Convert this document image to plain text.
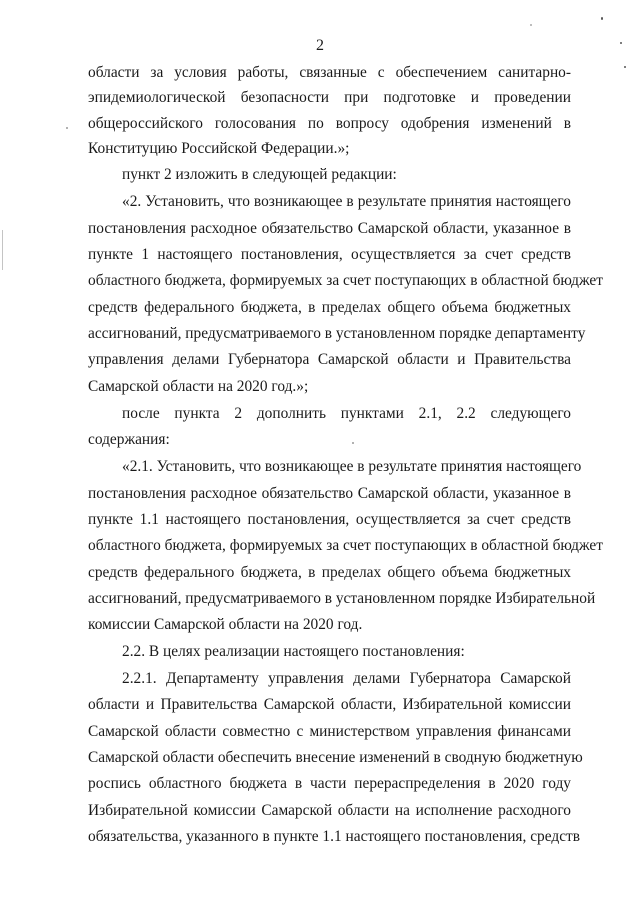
2
области за условия работы, связанные с обеспечением санитарно-
эпидемиологической безопасности при подготовке и проведении
общероссийского голосования по вопросу одобрения изменений в
Конституцию Российской Федерации.»;
пункт 2 изложить в следующей редакции:
«2. Установить, что возникающее в результате принятия настоящего
постановления расходное обязательство Самарской области, указанное в
пункте 1 настоящего постановления, осуществляется за счет средств
областного бюджета, формируемых за счет поступающих в областной бюджет
средств федерального бюджета, в пределах общего объема бюджетных
ассигнований, предусматриваемого в установленном порядке департаменту
управления делами Губернатора Самарской области и Правительства
Самарской области на 2020 год.»;
после пункта 2 дополнить пунктами 2.1, 2.2 следующего
содержания:
«2.1. Установить, что возникающее в результате принятия настоящего
постановления расходное обязательство Самарской области, указанное в
пункте 1.1 настоящего постановления, осуществляется за счет средств
областного бюджета, формируемых за счет поступающих в областной бюджет
средств федерального бюджета, в пределах общего объема бюджетных
ассигнований, предусматриваемого в установленном порядке Избирательной
комиссии Самарской области на 2020 год.
2.2. В целях реализации настоящего постановления:
2.2.1. Департаменту управления делами Губернатора Самарской
области и Правительства Самарской области, Избирательной комиссии
Самарской области совместно с министерством управления финансами
Самарской области обеспечить внесение изменений в сводную бюджетную
роспись областного бюджета в части перераспределения в 2020 году
Избирательной комиссии Самарской области на исполнение расходного
обязательства, указанного в пункте 1.1 настоящего постановления, средств
